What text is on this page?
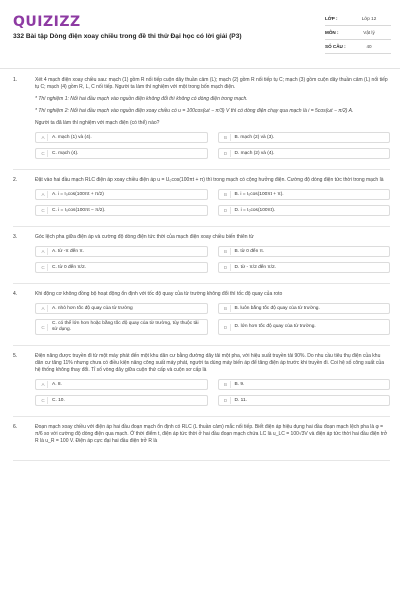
QUIZIZZ
332 Bài tập Dòng điện xoay chiều trong đề thi thử Đại học có lời giải (P3)
LỚP :	Lớp 12
MÔN :	Vật lý
SỐ CÂU :	40
1.	Xét 4 mạch điện xoay chiều sau: mạch (1) gồm R nối tiếp cuộn dây thuần cảm (L); mạch (2) gồm R nối tiếp tụ C; mạch (3) gồm cuộn dây thuần cảm (L) nối tiếp tụ C; mạch (4) gồm R, L, C nối tiếp. Người ta làm thí nghiệm với một trong bốn mạch điện.

* Thí nghiệm 1: Nối hai đầu mạch vào nguồn điện không đổi thì không có dòng điện trong mạch.

* Thí nghiệm 2: Nối hai đầu mạch vào nguồn điện xoay chiều có u = 100cos(ωt − π/3) V thì có dòng điện chạy qua mạch là i = 5cos(ωt − π/2) A.

Người ta đã làm thí nghiệm với mạch điện (có thể) nào?

A	A. mạch (1) và (4).	B	B. mạch (2) và (3).
C	C. mạch (4).	D	D. mạch (2) và (4).
2.	Đặt vào hai đầu mạch RLC điện áp xoay chiều điện áp u = U₀cos(100πt + π) thì trong mạch có cộng hưởng điện. Cường độ dòng điện tức thời trong mạch là

A	A. i = I₀cos(100πt + π/2)	B	B. i = I₀cos(100πt + π).
C	C. i = I₀cos(100πt − π/2).	D	D. i = I₀cos(100πt).
3.	Góc lệch pha giữa điện áp và cường độ dòng điện tức thời của mạch điện xoay chiều biến thiên từ

A	A. từ -π đến π.	B	B. từ 0 đến π.
C	C. từ 0 đến π/2.	D	D. từ - π/2 đến π/2.
4.	Khi động cơ không đồng bộ hoạt động ổn định với tốc độ quay của từ trường không đổi thì tốc độ quay của roto

A	A. nhỏ hơn tốc độ quay của từ trường	B	B. luôn bằng tốc độ quay của từ trường.
C
C. có thể lớn hơn hoặc bằng tốc độ quay của từ trường, tùy thuộc tải sử dụng.	D	D. lớn hơn tốc độ quay của từ trường.
5.	Điện năng được truyền đi từ một máy phát đến một khu dân cư bằng đường dây tải một pha, với hiệu suất truyền tải 90%. Do nhu cầu tiêu thụ điện của khu dân cư tăng 11% nhưng chưa có điều kiện nâng công suất máy phát, người ta dùng máy biến áp để tăng điện áp trước khi truyền đi. Coi hệ số công suất của hệ thống không thay đổi. Tỉ số vòng dây giữa cuộn thứ cấp và cuộn sơ cấp là

A	A. 8.	B	B. 9.
C	C. 10.	D	D. 11.
6.	Đoạn mạch xoay chiều với điện áp hai đầu đoạn mạch ổn định có RLC (L thuần cảm) mắc nối tiếp. Biết điện áp hiệu dụng hai đầu đoạn mạch lệch pha là φ = π/6 so với cường độ dòng điện qua mạch. Ở thời điểm t, điện áp tức thời ở hai đầu đoạn mạch chứa LC là u_LC = 100√3V và điện áp tức thời hai đầu điện trở R là u_R = 100 V. Điện áp cực đại hai đầu điện trở R là
